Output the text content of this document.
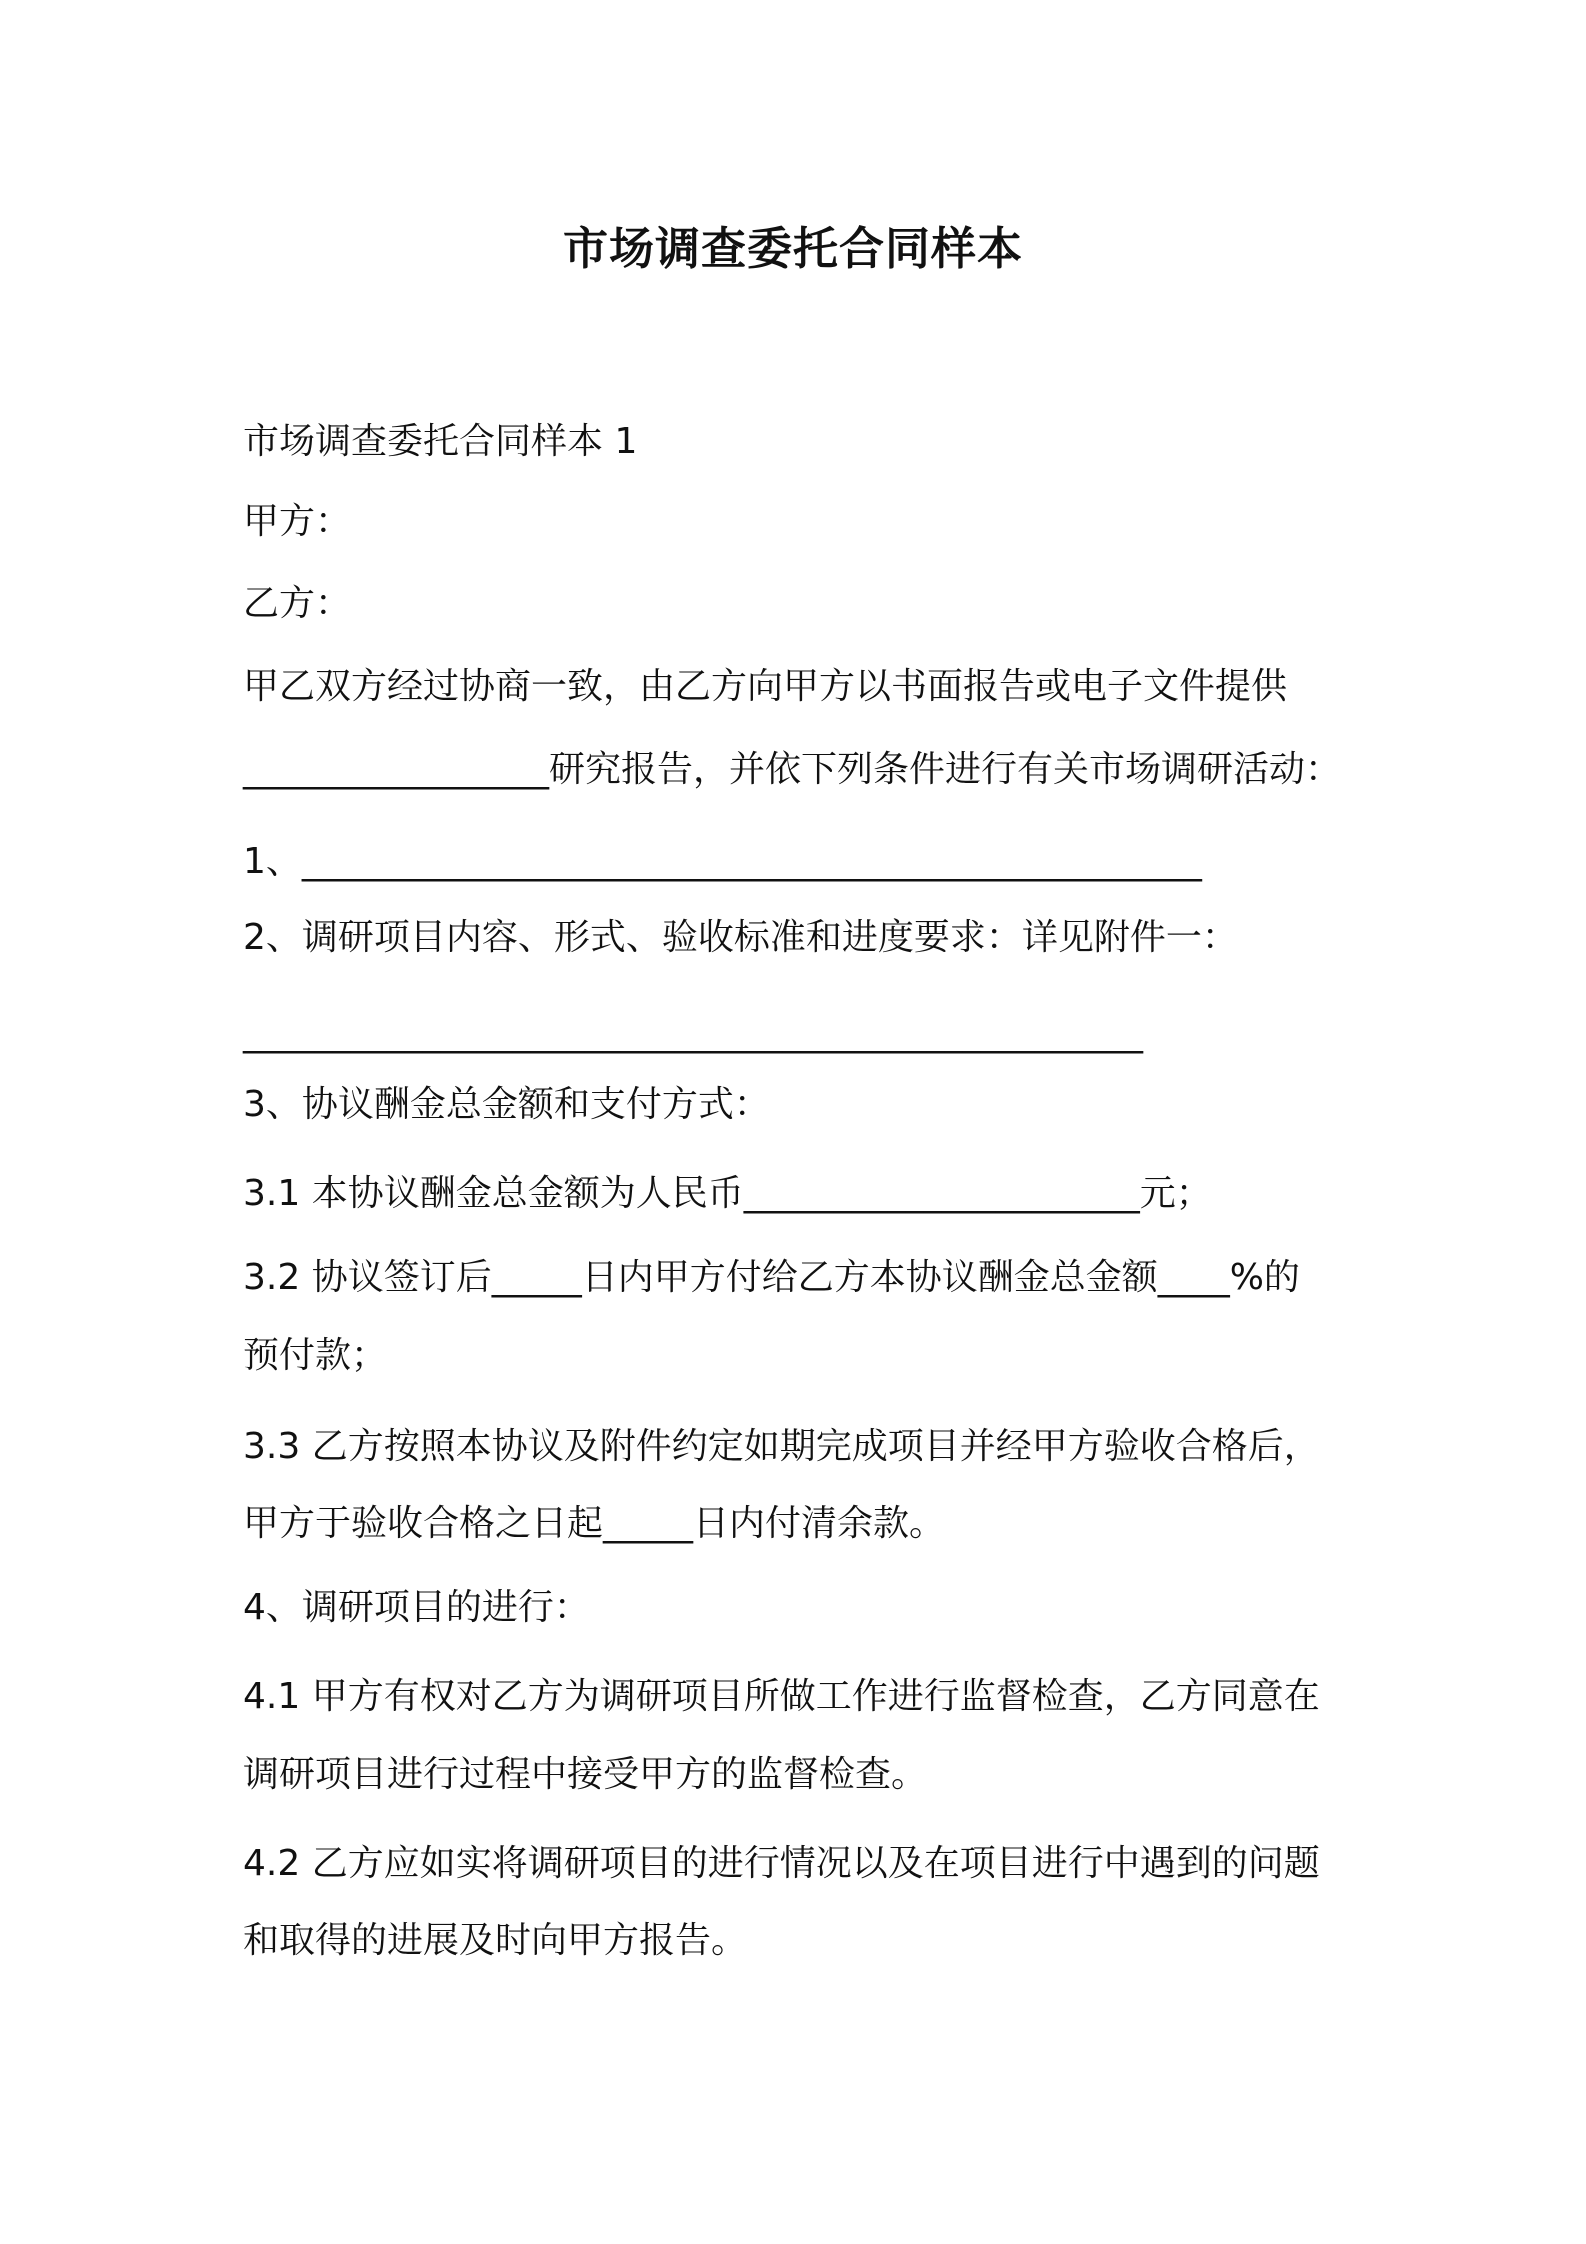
市场调查委托合同样本
市场调查委托合同样本 1
甲方：
乙方：
甲乙双方经过协商一致，由乙方向甲方以书面报告或电子文件提供
_________________研究报告，并依下列条件进行有关市场调研活动：
1、__________________________________________________
2、调研项目内容、形式、验收标准和进度要求：详见附件一：
__________________________________________________
3、协议酬金总金额和支付方式：
3.1 本协议酬金总金额为人民币______________________元；
3.2 协议签订后_____日内甲方付给乙方本协议酬金总金额____%的
预付款；
3.3 乙方按照本协议及附件约定如期完成项目并经甲方验收合格后，
甲方于验收合格之日起_____日内付清余款。
4、调研项目的进行：
4.1 甲方有权对乙方为调研项目所做工作进行监督检查，乙方同意在
调研项目进行过程中接受甲方的监督检查。
4.2 乙方应如实将调研项目的进行情况以及在项目进行中遇到的问题
和取得的进展及时向甲方报告。
